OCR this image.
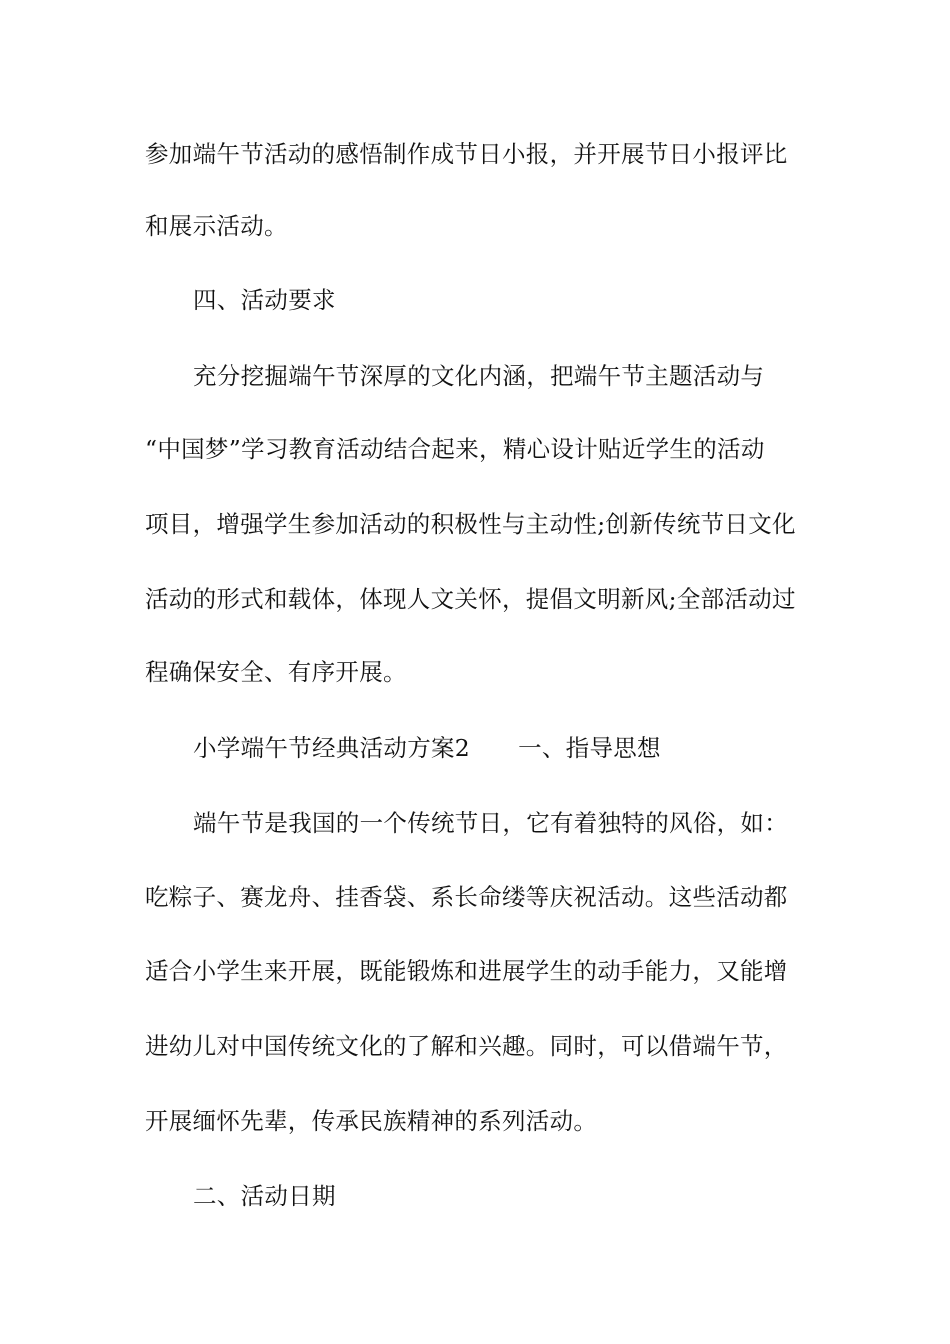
参加端午节活动的感悟制作成节日小报，并开展节日小报评比
和展示活动。
四、活动要求
充分挖掘端午节深厚的文化内涵，把端午节主题活动与
“中国梦”学习教育活动结合起来，精心设计贴近学生的活动
项目，增强学生参加活动的积极性与主动性;创新传统节日文化
活动的形式和载体，体现人文关怀，提倡文明新风;全部活动过
程确保安全、有序开展。
小学端午节经典活动方案2 一、指导思想
端午节是我国的一个传统节日，它有着独特的风俗，如：
吃粽子、赛龙舟、挂香袋、系长命缕等庆祝活动。这些活动都
适合小学生来开展，既能锻炼和进展学生的动手能力，又能增
进幼儿对中国传统文化的了解和兴趣。同时，可以借端午节，
开展缅怀先辈，传承民族精神的系列活动。
二、活动日期
